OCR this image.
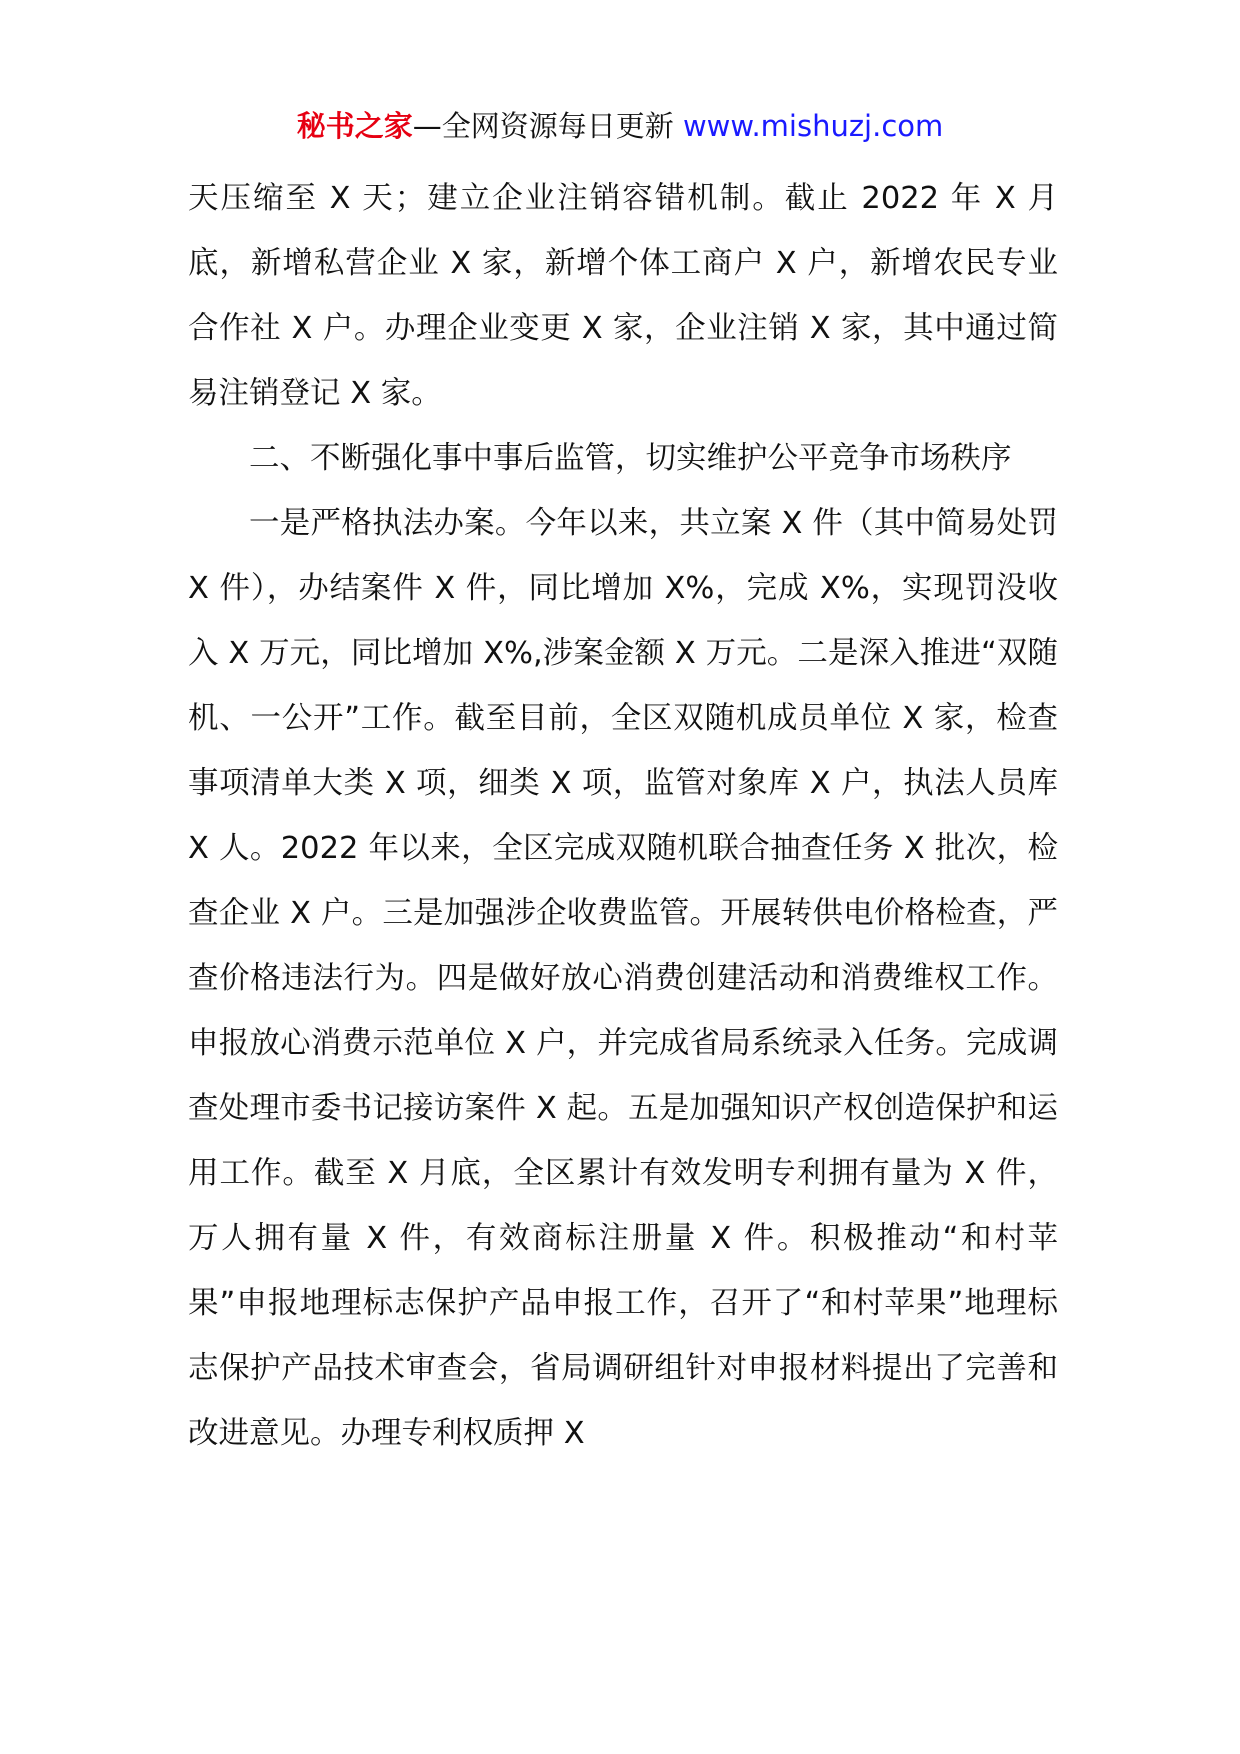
秘书之家—全网资源每日更新 www.mishuzj.com

天压缩至 X 天；建立企业注销容错机制。截止 2022 年 X 月底，新增私营企业 X 家，新增个体工商户 X 户，新增农民专业合作社 X 户。办理企业变更 X 家，企业注销 X 家，其中通过简易注销登记 X 家。

二、不断强化事中事后监管，切实维护公平竞争市场秩序

一是严格执法办案。今年以来，共立案 X 件（其中简易处罚 X 件），办结案件 X 件，同比增加 X%，完成 X%，实现罚没收入 X 万元，同比增加 X%,涉案金额 X 万元。二是深入推进“双随机、一公开”工作。截至目前，全区双随机成员单位 X 家，检查事项清单大类 X 项，细类 X 项，监管对象库 X 户，执法人员库 X 人。2022 年以来，全区完成双随机联合抽查任务 X 批次，检查企业 X 户。三是加强涉企收费监管。开展转供电价格检查，严查价格违法行为。四是做好放心消费创建活动和消费维权工作。申报放心消费示范单位 X 户，并完成省局系统录入任务。完成调查处理市委书记接访案件 X 起。五是加强知识产权创造保护和运用工作。截至 X 月底，全区累计有效发明专利拥有量为 X 件，万人拥有量 X 件，有效商标注册量 X 件。积极推动“和村苹果”申报地理标志保护产品申报工作，召开了“和村苹果”地理标志保护产品技术审查会，省局调研组针对申报材料提出了完善和改进意见。办理专利权质押 X
